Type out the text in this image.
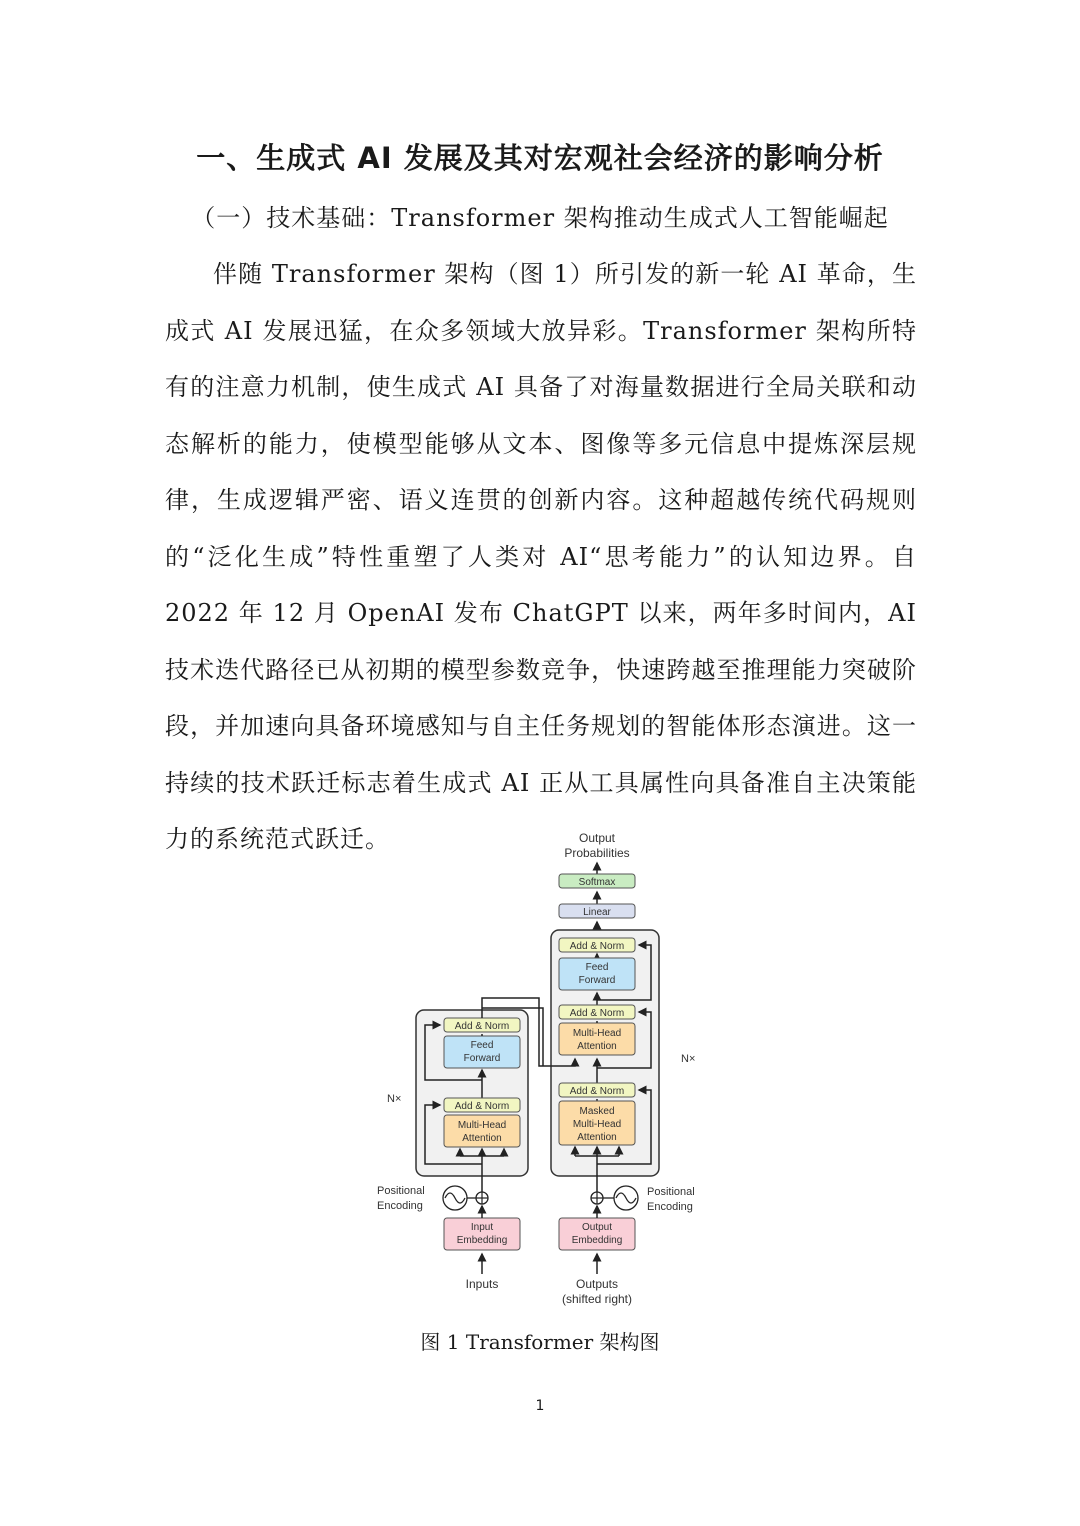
一、生成式 AI 发展及其对宏观社会经济的影响分析
（一）技术基础：Transformer 架构推动生成式人工智能崛起
伴随 Transformer 架构（图 1）所引发的新一轮 AI 革命，生成式 AI 发展迅猛，在众多领域大放异彩。Transformer 架构所特有的注意力机制，使生成式 AI 具备了对海量数据进行全局关联和动态解析的能力，使模型能够从文本、图像等多元信息中提炼深层规律，生成逻辑严密、语义连贯的创新内容。这种超越传统代码规则的“泛化生成”特性重塑了人类对 AI“思考能力”的认知边界。自 2022 年 12 月 OpenAI 发布 ChatGPT 以来，两年多时间内，AI 技术迭代路径已从初期的模型参数竞争，快速跨越至推理能力突破阶段，并加速向具备环境感知与自主任务规划的智能体形态演进。这一持续的技术跃迁标志着生成式 AI 正从工具属性向具备准自主决策能力的系统范式跃迁。	Output
Probabilities
Softmax
Linear
Add & Norm
Feed
Forward
Add & Norm
Multi-Head
Attention
Add & Norm
Masked
Multi-Head
Attention
N×
Add & Norm
Feed
Forward
Add & Norm
Multi-Head
Attention
N×
Positional
Encoding
Input
Embedding
Inputs
Positional
Encoding
Output
Embedding
Outputs
(shifted right)
图 1 Transformer 架构图
1
